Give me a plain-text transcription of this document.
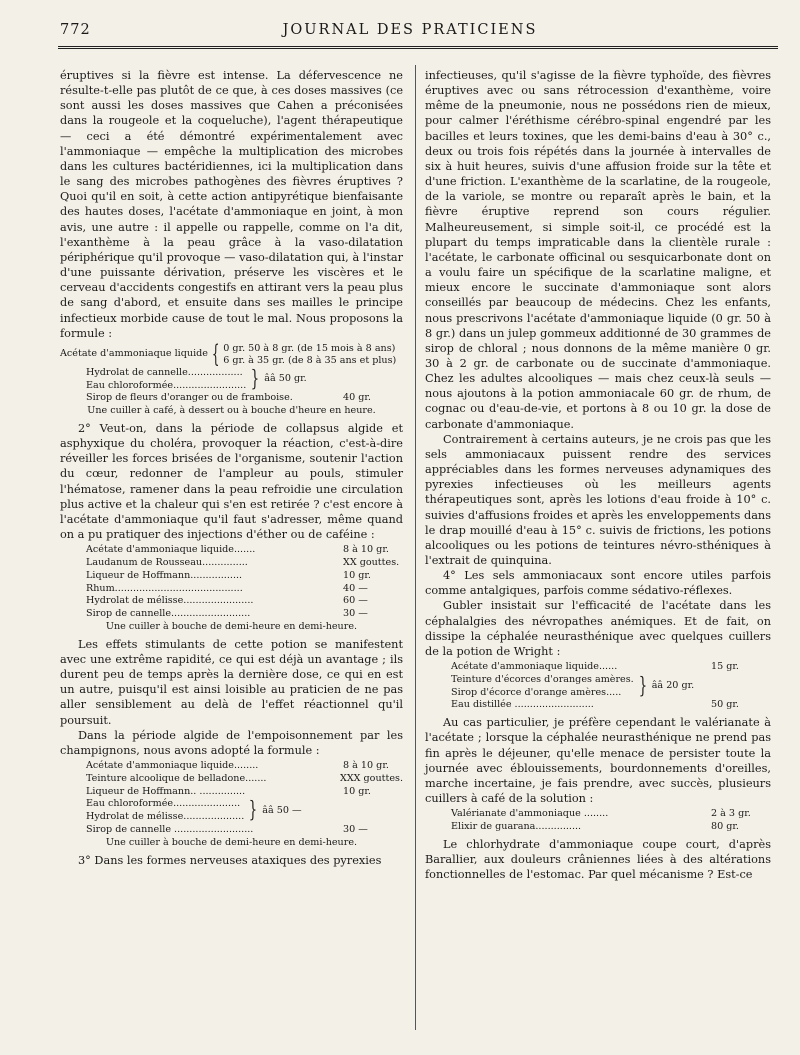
772	JOURNAL DES PRATICIENS

éruptives si la fièvre est intense. La défervescence ne résulte-t-elle pas plutôt de ce que, à ces doses massives (ce sont aussi les doses massives que Cahen a préconisées dans la rougeole et la coqueluche), l'agent thérapeutique — ceci a été démontré expérimentalement avec l'ammoniaque — empêche la multiplication des microbes dans les cultures bactéridiennes, ici la multiplication dans le sang des microbes pathogènes des fièvres éruptives ? Quoi qu'il en soit, à cette action antipyrétique bienfaisante des hautes doses, l'acétate d'ammoniaque en joint, à mon avis, une autre : il appelle ou rappelle, comme on l'a dit, l'exanthème à la peau grâce à la vaso-dilatation périphérique qu'il provoque — vaso-dilatation qui, à l'instar d'une puissante dérivation, préserve les viscères et le cerveau d'accidents congestifs en attirant vers la peau plus de sang d'abord, et ensuite dans ses mailles le principe infectieux morbide cause de tout le mal. Nous proposons la formule :

Acétate d'ammoniaque liquide { 0 gr. 50 à 8 gr. (de 15 mois à 8 ans)
6 gr. à 35 gr. (de 8 à 35 ans et plus)
Hydrolat de cannelle..................
Eau chloroformée........................ } ââ 50 gr.
Sirop de fleurs d'oranger ou de framboise.	40 gr.
Une cuiller à café, à dessert ou à bouche d'heure en heure.

2° Veut-on, dans la période de collapsus algide et asphyxique du choléra, provoquer la réaction, c'est-à-dire réveiller les forces brisées de l'organisme, soutenir l'action du cœur, redonner de l'ampleur au pouls, stimuler l'hématose, ramener dans la peau refroidie une circulation plus active et la chaleur qui s'en est retirée ? c'est encore à l'acétate d'ammoniaque qu'il faut s'adresser, même quand on a pu pratiquer des injections d'éther ou de caféine :

Acétate d'ammoniaque liquide.......	8 à 10 gr.
Laudanum de Rousseau...............	XX gouttes.
Liqueur de Hoffmann.................	10 gr.
Rhum..........................................	40 —
Hydrolat de mélisse.......................	60 —
Sirop de cannelle..........................	30 —
Une cuiller à bouche de demi-heure en demi-heure.

Les effets stimulants de cette potion se manifestent avec une extrême rapidité, ce qui est déjà un avantage ; ils durent peu de temps après la dernière dose, ce qui en est un autre, puisqu'il est ainsi loisible au praticien de ne pas aller sensiblement au delà de l'effet réactionnel qu'il poursuit.

Dans la période algide de l'empoisonnement par les champignons, nous avons adopté la formule :

Acétate d'ammoniaque liquide........	8 à 10 gr.
Teinture alcoolique de belladone.......	XXX gouttes.
Liqueur de Hoffmann.. ...............	10 gr.
Eau chloroformée......................
Hydrolat de mélisse.................... } ââ 50 —
Sirop de cannelle ..........................	30 —
Une cuiller à bouche de demi-heure en demi-heure.

3° Dans les formes nerveuses ataxiques des pyrexies

infectieuses, qu'il s'agisse de la fièvre typhoïde, des fièvres éruptives avec ou sans rétrocession d'exanthème, voire même de la pneumonie, nous ne possédons rien de mieux, pour calmer l'éréthisme cérébro-spinal engendré par les bacilles et leurs toxines, que les demi-bains d'eau à 30° c., deux ou trois fois répétés dans la journée à intervalles de six à huit heures, suivis d'une affusion froide sur la tête et d'une friction. L'exanthème de la scarlatine, de la rougeole, de la variole, se montre ou reparaît après le bain, et la fièvre éruptive reprend son cours régulier. Malheureusement, si simple soit-il, ce procédé est la plupart du temps impraticable dans la clientèle rurale : l'acétate, le carbonate officinal ou sesquicarbonate dont on a voulu faire un spécifique de la scarlatine maligne, et mieux encore le succinate d'ammoniaque sont alors conseillés par beaucoup de médecins. Chez les enfants, nous prescrivons l'acétate d'ammoniaque liquide (0 gr. 50 à 8 gr.) dans un julep gommeux additionné de 30 grammes de sirop de chloral ; nous donnons de la même manière 0 gr. 30 à 2 gr. de carbonate ou de succinate d'ammoniaque. Chez les adultes alcooliques — mais chez ceux-là seuls — nous ajoutons à la potion ammoniacale 60 gr. de rhum, de cognac ou d'eau-de-vie, et portons à 8 ou 10 gr. la dose de carbonate d'ammoniaque.

Contrairement à certains auteurs, je ne crois pas que les sels ammoniacaux puissent rendre des services appréciables dans les formes nerveuses adynamiques des pyrexies infectieuses où les meilleurs agents thérapeutiques sont, après les lotions d'eau froide à 10° c. suivies d'affusions froides et après les enveloppements dans le drap mouillé d'eau à 15° c. suivis de frictions, les potions alcooliques ou les potions de teintures névro-sthéniques à l'extrait de quinquina.

4° Les sels ammoniacaux sont encore utiles parfois comme antalgiques, parfois comme sédativo-réflexes.

Gubler insistait sur l'efficacité de l'acétate dans les céphalalgies des névropathes anémiques. Et de fait, on dissipe la céphalée neurasthénique avec quelques cuillers de la potion de Wright :

Acétate d'ammoniaque liquide......	15 gr.
Teinture d'écorces d'oranges amères.
Sirop d'écorce d'orange amères..... } ââ 20 gr.
Eau distillée ..........................	50 gr.

Au cas particulier, je préfère cependant le valérianate à l'acétate ; lorsque la céphalée neurasthénique ne prend pas fin après le déjeuner, qu'elle menace de persister toute la journée avec éblouissements, bourdonnements d'oreilles, marche incertaine, je fais prendre, avec succès, plusieurs cuillers à café de la solution :

Valérianate d'ammoniaque ........	2 à 3 gr.
Elixir de guarana...............	80 gr.

Le chlorhydrate d'ammoniaque coupe court, d'après Barallier, aux douleurs crâniennes liées à des altérations fonctionnelles de l'estomac. Par quel mécanisme ? Est-ce
